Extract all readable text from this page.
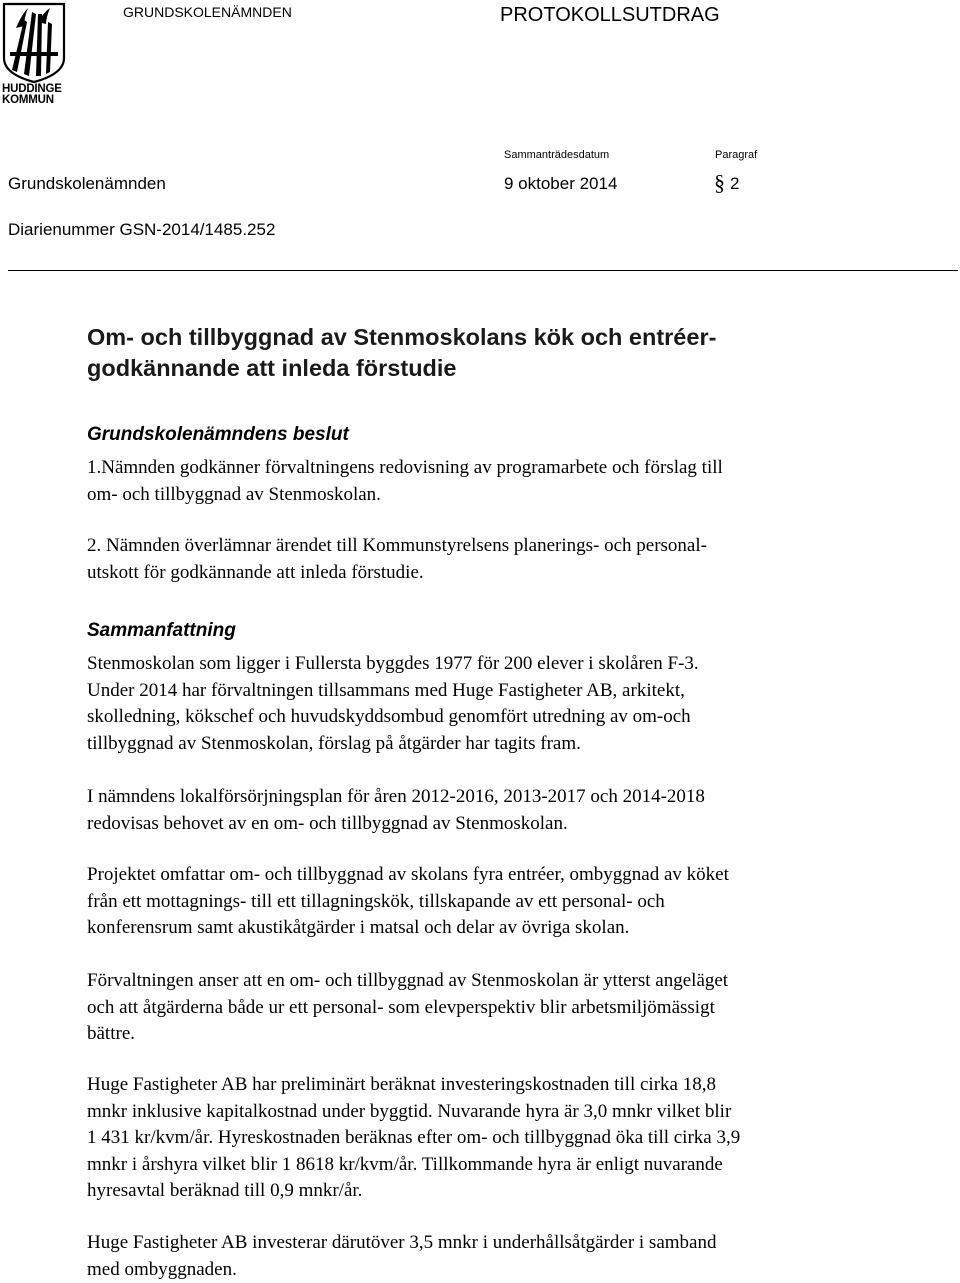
HUDDINGE
KOMMUN
GRUNDSKOLENÄMNDEN	PROTOKOLLSUTDRAG
Sammanträdesdatum	Paragraf
Grundskolenämnden	9 oktober 2014	§ 2
Diarienummer GSN-2014/1485.252
Om- och tillbyggnad av Stenmoskolans kök och entréer-
godkännande att inleda förstudie
Grundskolenämndens beslut
1.Nämnden godkänner förvaltningens redovisning av programarbete och förslag till
om- och tillbyggnad av Stenmoskolan.
2. Nämnden överlämnar ärendet till Kommunstyrelsens planerings- och personal-
utskott för godkännande att inleda förstudie.
Sammanfattning
Stenmoskolan som ligger i Fullersta byggdes 1977 för 200 elever i skolåren F-3.
Under 2014 har förvaltningen tillsammans med Huge Fastigheter AB, arkitekt,
skolledning, kökschef och huvudskyddsombud genomfört utredning av om-och
tillbyggnad av Stenmoskolan, förslag på åtgärder har tagits fram.
I nämndens lokalförsörjningsplan för åren 2012-2016, 2013-2017 och 2014-2018
redovisas behovet av en om- och tillbyggnad av Stenmoskolan.
Projektet omfattar om- och tillbyggnad av skolans fyra entréer, ombyggnad av köket
från ett mottagnings- till ett tillagningskök, tillskapande av ett personal- och
konferensrum samt akustikåtgärder i matsal och delar av övriga skolan.
Förvaltningen anser att en om- och tillbyggnad av Stenmoskolan är ytterst angeläget
och att åtgärderna både ur ett personal- som elevperspektiv blir arbetsmiljömässigt
bättre.
Huge Fastigheter AB har preliminärt beräknat investeringskostnaden till cirka 18,8
mnkr inklusive kapitalkostnad under byggtid. Nuvarande hyra är 3,0 mnkr vilket blir
1 431 kr/kvm/år. Hyreskostnaden beräknas efter om- och tillbyggnad öka till cirka 3,9
mnkr i årshyra vilket blir 1 8618 kr/kvm/år. Tillkommande hyra är enligt nuvarande
hyresavtal beräknad till 0,9 mnkr/år.
Huge Fastigheter AB investerar därutöver 3,5 mnkr i underhållsåtgärder i samband
med ombyggnaden.
